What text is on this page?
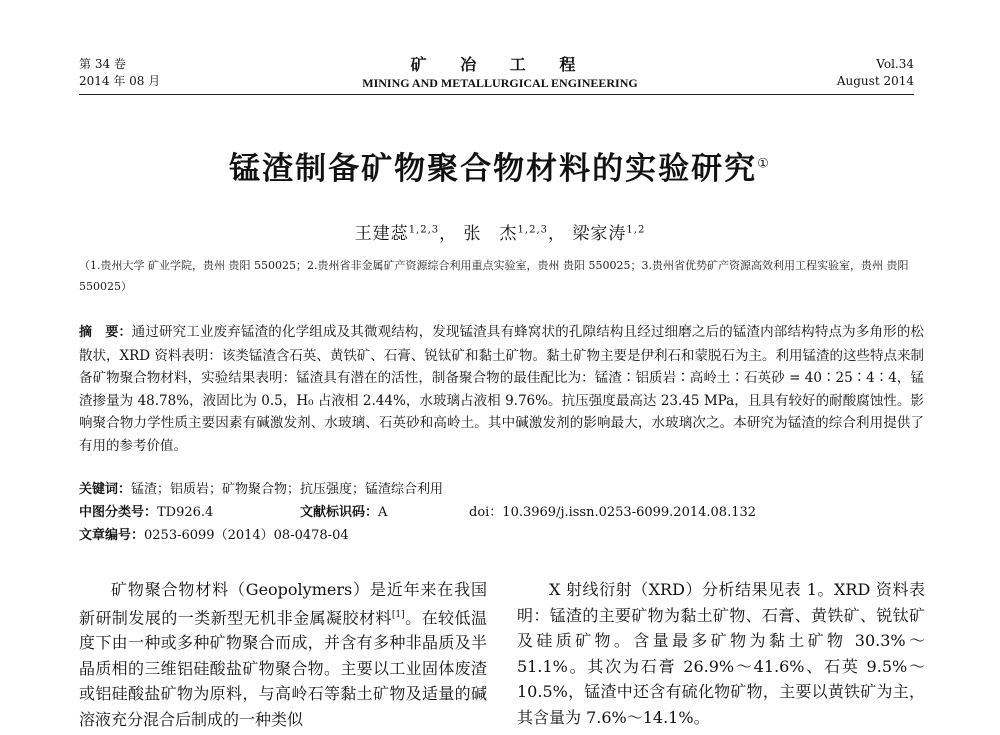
第 34 卷
2014 年 08 月
矿 冶 工 程
MINING AND METALLURGICAL ENGINEERING
Vol.34
August 2014
锰渣制备矿物聚合物材料的实验研究①
王建蕊$^{1,2,3}$， 张　杰$^{1,2,3}$， 梁家涛$^{1,2}$
（1.贵州大学 矿业学院，贵州 贵阳 550025；2.贵州省非金属矿产资源综合利用重点实验室，贵州 贵阳 550025；3.贵州省优势矿产资源高效利用工程实验室，贵州 贵阳 550025）
摘　要：通过研究工业废弃锰渣的化学组成及其微观结构，发现锰渣具有蜂窝状的孔隙结构且经过细磨之后的锰渣内部结构特点为多角形的松散状，XRD 资料表明：该类锰渣含石英、黄铁矿、石膏、锐钛矿和黏土矿物。黏土矿物主要是伊利石和蒙脱石为主。利用锰渣的这些特点来制备矿物聚合物材料，实验结果表明：锰渣具有潜在的活性，制备聚合物的最佳配比为：锰渣∶铝质岩∶高岭土∶石英砂 = 40∶25∶4∶4，锰渣掺量为 48.78%，液固比为 0.5，H₀ 占液相 2.44%，水玻璃占液相 9.76%。抗压强度最高达 23.45 MPa，且具有较好的耐酸腐蚀性。影响聚合物力学性质主要因素有碱激发剂、水玻璃、石英砂和高岭土。其中碱激发剂的影响最大，水玻璃次之。本研究为锰渣的综合利用提供了有用的参考价值。
关键词：锰渣；铝质岩；矿物聚合物；抗压强度；锰渣综合利用
中图分类号：TD926.4	文献标识码：A	doi：10.3969/j.issn.0253-6099.2014.08.132
文章编号：0253-6099（2014）08-0478-04
矿物聚合物材料（Geopolymers）是近年来在我国新研制发展的一类新型无机非金属凝胶材料[1]。在较低温度下由一种或多种矿物聚合而成，并含有多种非晶质及半晶质相的三维铝硅酸盐矿物聚合物。主要以工业固体废渣或铝硅酸盐矿物为原料，与高岭石等黏土矿物及适量的碱溶液充分混合后制成的一种类似
X 射线衍射（XRD）分析结果见表 1。XRD 资料表明：锰渣的主要矿物为黏土矿物、石膏、黄铁矿、锐钛矿及硅质矿物。含量最多矿物为黏土矿物 30.3%～51.1%。其次为石膏 26.9%～41.6%、石英 9.5%～10.5%，锰渣中还含有硫化物矿物，主要以黄铁矿为主，其含量为 7.6%～14.1%。
